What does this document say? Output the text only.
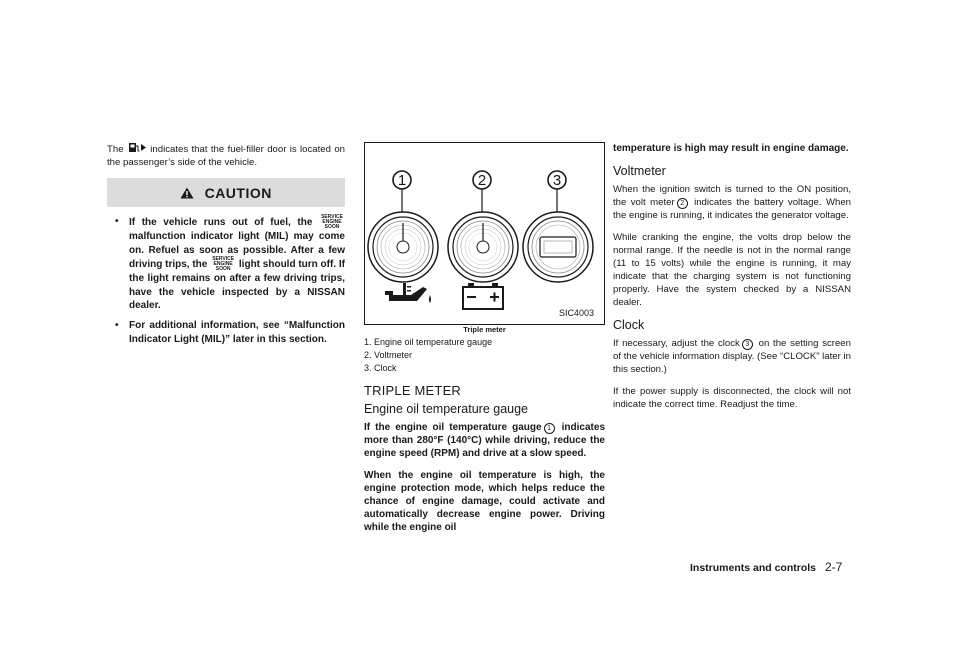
The	indicates that the fuel-filler door is located on the passenger’s side of the vehicle.

CAUTION
• If the vehicle runs out of fuel, the SERVICE ENGINE SOON malfunction indicator light (MIL) may come on. Refuel as soon as possible. After a few driving trips, the SERVICE ENGINE SOON light should turn off. If the light remains on after a few driving trips, have the vehicle inspected by a NISSAN dealer.
• For additional information, see “Malfunction Indicator Light (MIL)” later in this section.
1	2	3
SIC4003
Triple meter
1. Engine oil temperature gauge
2. Voltmeter
3. Clock
TRIPLE METER
Engine oil temperature gauge

If the engine oil temperature gauge 1 indicates more than 280°F (140°C) while driving, reduce the engine speed (RPM) and drive at a slow speed.

When the engine oil temperature is high, the engine protection mode, which helps reduce the chance of engine damage, could activate and automatically decrease engine power. Driving while the engine oil

temperature is high may result in engine damage.

Voltmeter

When the ignition switch is turned to the ON position, the volt meter 2 indicates the battery voltage. When the engine is running, it indicates the generator voltage.

While cranking the engine, the volts drop below the normal range. If the needle is not in the normal range (11 to 15 volts) while the engine is running, it may indicate that the charging system is not functioning properly. Have the system checked by a NISSAN dealer.

Clock

If necessary, adjust the clock 3 on the setting screen of the vehicle information display. (See “CLOCK” later in this section.)

If the power supply is disconnected, the clock will not indicate the correct time. Readjust the time.

Instruments and controls 2-7
